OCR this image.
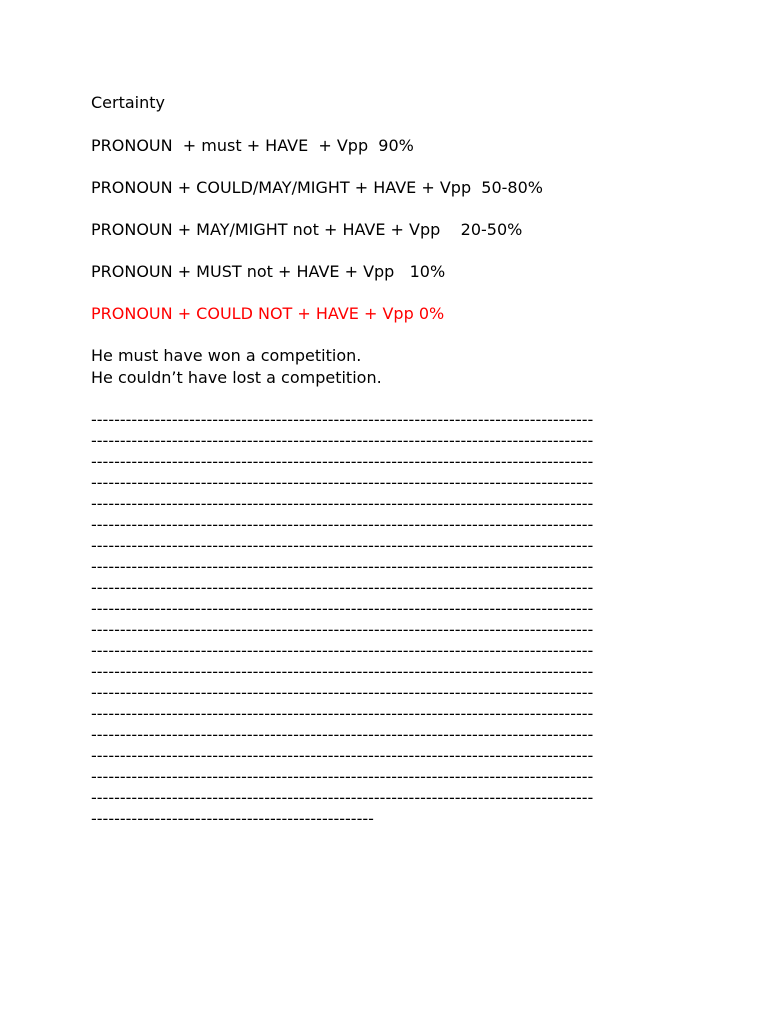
Certainty
PRONOUN  + must + HAVE  + Vpp  90%
PRONOUN + COULD/MAY/MIGHT + HAVE + Vpp  50-80%
PRONOUN + MAY/MIGHT not + HAVE + Vpp    20-50%
PRONOUN + MUST not + HAVE + Vpp   10%
PRONOUN + COULD NOT + HAVE + Vpp 0%
He must have won a competition.
He couldn’t have lost a competition.
---------------------------------------------------------------------------------------
---------------------------------------------------------------------------------------
---------------------------------------------------------------------------------------
---------------------------------------------------------------------------------------
---------------------------------------------------------------------------------------
---------------------------------------------------------------------------------------
---------------------------------------------------------------------------------------
---------------------------------------------------------------------------------------
---------------------------------------------------------------------------------------
---------------------------------------------------------------------------------------
---------------------------------------------------------------------------------------
---------------------------------------------------------------------------------------
---------------------------------------------------------------------------------------
---------------------------------------------------------------------------------------
---------------------------------------------------------------------------------------
---------------------------------------------------------------------------------------
---------------------------------------------------------------------------------------
---------------------------------------------------------------------------------------
---------------------------------------------------------------------------------------
-------------------------------------------------
